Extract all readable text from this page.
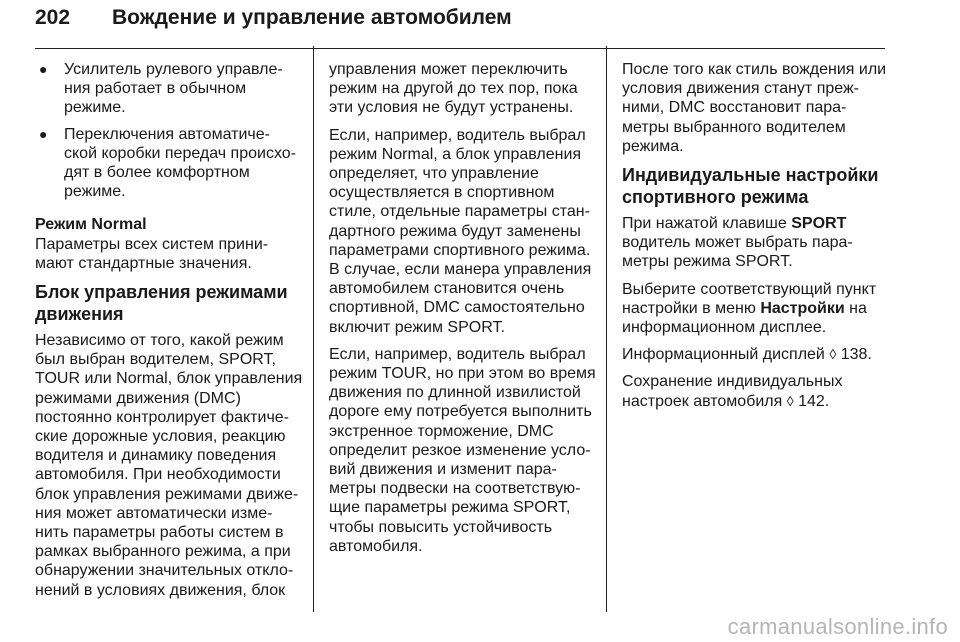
202 Вождение и управление автомобилем
● Усилитель рулевого управле-
ния работает в обычном
режиме.
● Переключения автоматиче-
ской коробки передач происхо-
дят в более комфортном
режиме.
Режим Normal
Параметры всех систем прини-
мают стандартные значения.
Блок управления режимами
движения
Независимо от того, какой режим
был выбран водителем, SPORT,
TOUR или Normal, блок управления
режимами движения (DMC)
постоянно контролирует фактиче-
ские дорожные условия, реакцию
водителя и динамику поведения
автомобиля. При необходимости
блок управления режимами движе-
ния может автоматически изме-
нить параметры работы систем в
рамках выбранного режима, а при
обнаружении значительных откло-
нений в условиях движения, блок
управления может переключить
режим на другой до тех пор, пока
эти условия не будут устранены.
Если, например, водитель выбрал
режим Normal, а блок управления
определяет, что управление
осуществляется в спортивном
стиле, отдельные параметры стан-
дартного режима будут заменены
параметрами спортивного режима.
В случае, если манера управления
автомобилем становится очень
спортивной, DMC самостоятельно
включит режим SPORT.
Если, например, водитель выбрал
режим TOUR, но при этом во время
движения по длинной извилистой
дороге ему потребуется выполнить
экстренное торможение, DMC
определит резкое изменение усло-
вий движения и изменит пара-
метры подвески на соответствую-
щие параметры режима SPORT,
чтобы повысить устойчивость
автомобиля.
После того как стиль вождения или
условия движения станут преж-
ними, DMC восстановит пара-
метры выбранного водителем
режима.
Индивидуальные настройки
спортивного режима
При нажатой клавише SPORT
водитель может выбрать пара-
метры режима SPORT.
Выберите соответствующий пункт
настройки в меню Настройки на
информационном дисплее.
Информационный дисплей ◊ 138.
Сохранение индивидуальных
настроек автомобиля ◊ 142.
carmanualsonline.info
